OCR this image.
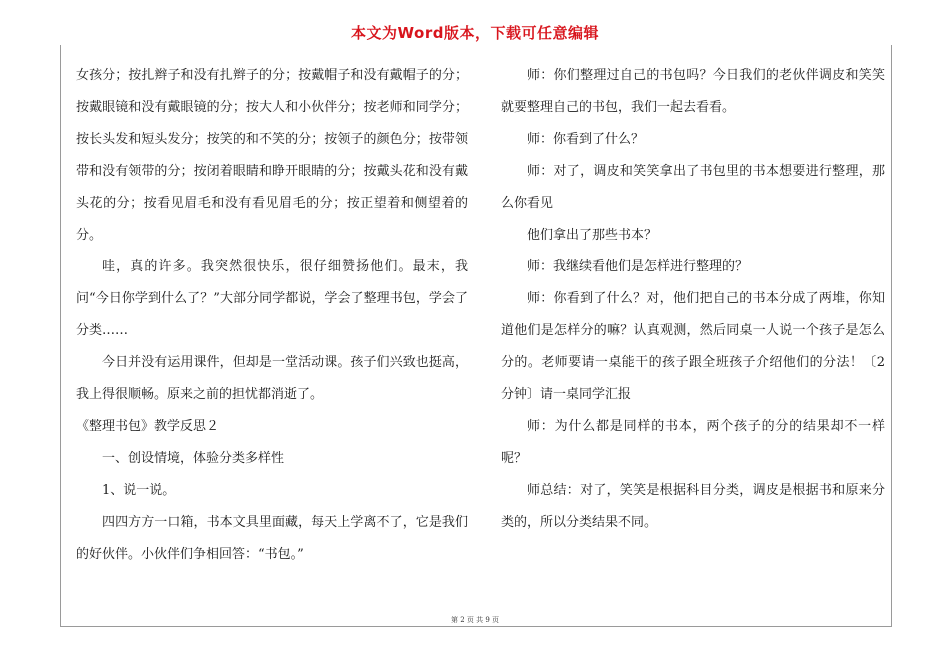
本文为Word版本，下载可任意编辑

女孩分；按扎辫子和没有扎辫子的分；按戴帽子和没有戴帽子的分；按戴眼镜和没有戴眼镜的分；按大人和小伙伴分；按老师和同学分；按长头发和短头发分；按笑的和不笑的分；按领子的颜色分；按带领带和没有领带的分；按闭着眼睛和睁开眼睛的分；按戴头花和没有戴头花的分；按看见眉毛和没有看见眉毛的分；按正望着和侧望着的分。

哇，真的许多。我突然很快乐，很仔细赞扬他们。最末，我问“今日你学到什么了？”大部分同学都说，学会了整理书包，学会了分类……

今日并没有运用课件，但却是一堂活动课。孩子们兴致也挺高，我上得很顺畅。原来之前的担忧都消逝了。

《整理书包》教学反思２

一、创设情境，体验分类多样性

1、说一说。

四四方方一口箱，书本文具里面藏，每天上学离不了，它是我们的好伙伴。小伙伴们争相回答：“书包。”

师：你们整理过自己的书包吗？今日我们的老伙伴调皮和笑笑就要整理自己的书包，我们一起去看看。

师：你看到了什么？

师：对了，调皮和笑笑拿出了书包里的书本想要进行整理，那么你看见

他们拿出了那些书本？

师：我继续看他们是怎样进行整理的？

师：你看到了什么？对，他们把自己的书本分成了两堆，你知道他们是怎样分的嘛？认真观测，然后同桌一人说一个孩子是怎么分的。老师要请一桌能干的孩子跟全班孩子介绍他们的分法！〔2分钟〕请一桌同学汇报

师：为什么都是同样的书本，两个孩子的分的结果却不一样呢？

师总结：对了，笑笑是根据科目分类，调皮是根据书和原来分类的，所以分类结果不同。

第 2 页 共 9 页
